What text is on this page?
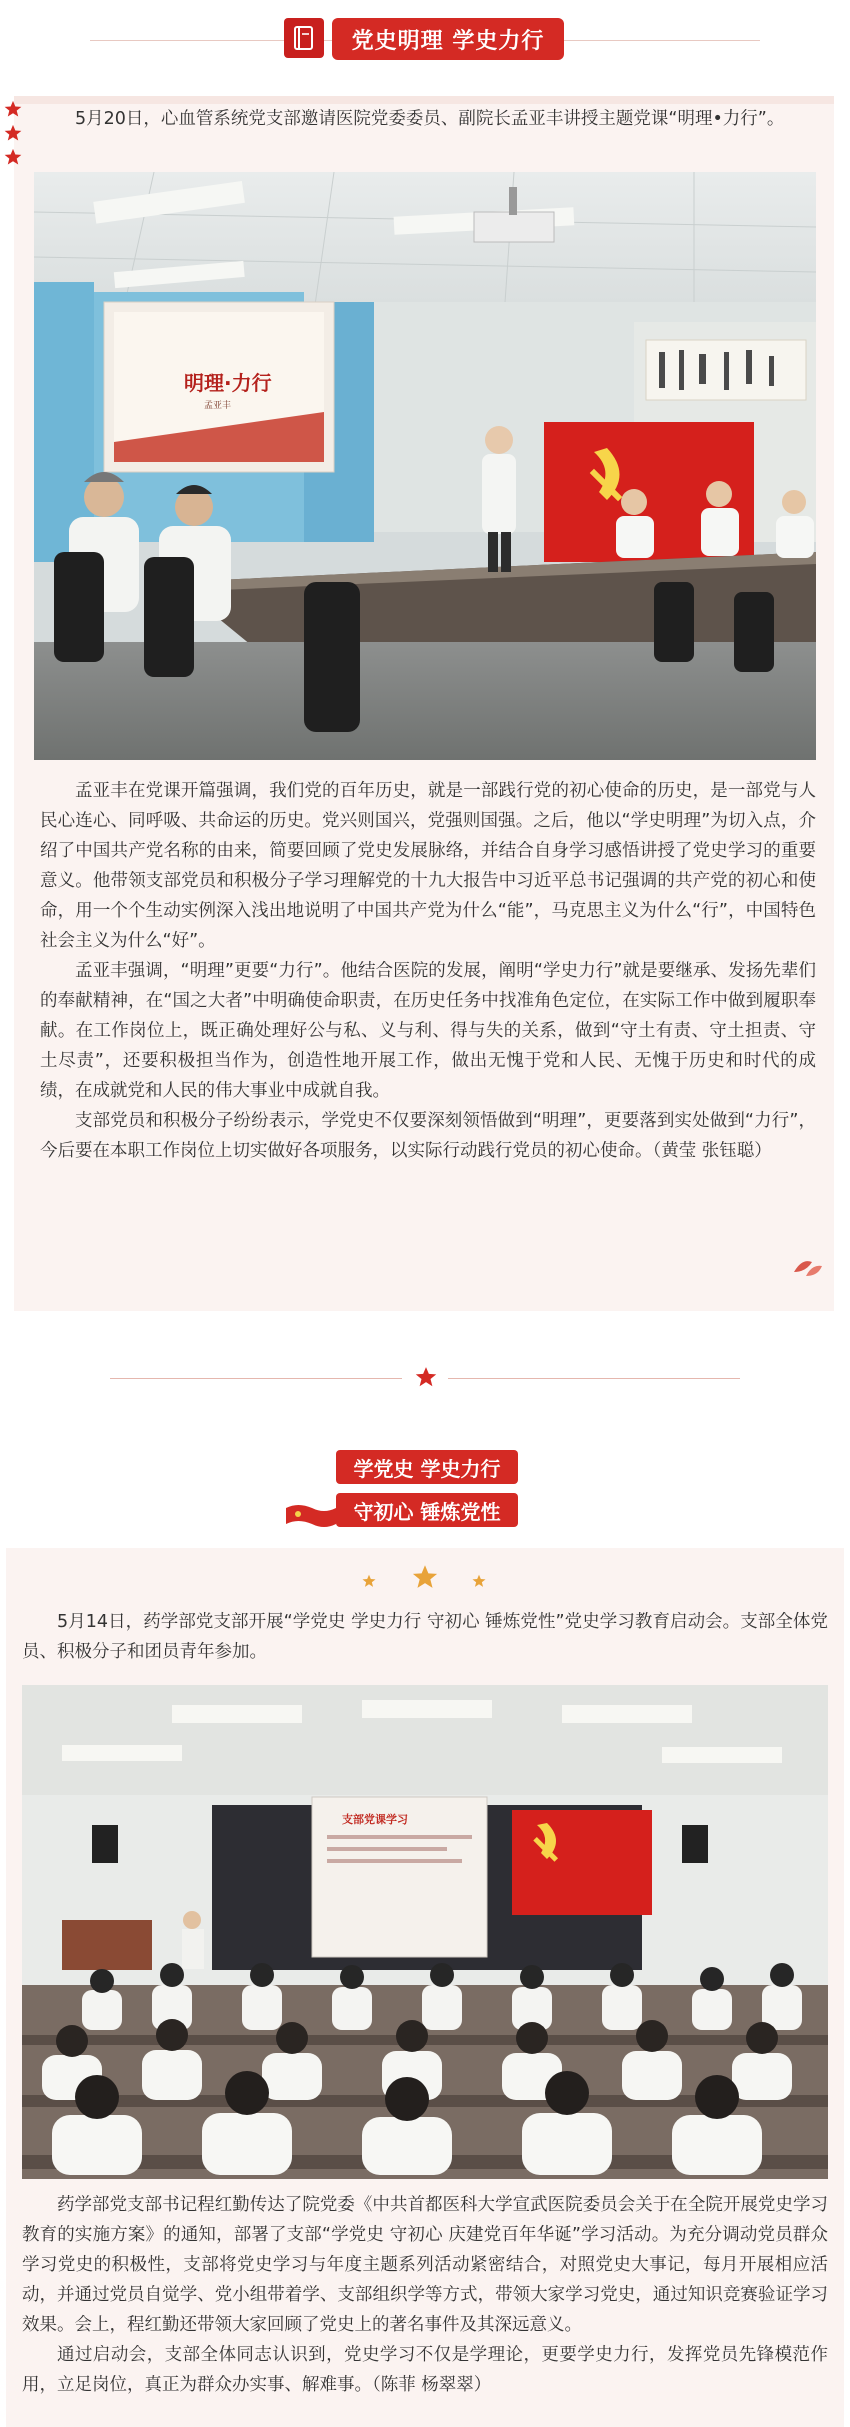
党史明理 学史力行
5月20日，心血管系统党支部邀请医院党委委员、副院长孟亚丰讲授主题党课“明理•力行”。
明理·力行
孟亚丰
孟亚丰在党课开篇强调，我们党的百年历史，就是一部践行党的初心使命的历史，是一部党与人民心连心、同呼吸、共命运的历史。党兴则国兴，党强则国强。之后，他以“学史明理”为切入点，介绍了中国共产党名称的由来，简要回顾了党史发展脉络，并结合自身学习感悟讲授了党史学习的重要意义。他带领支部党员和积极分子学习理解党的十九大报告中习近平总书记强调的共产党的初心和使命，用一个个生动实例深入浅出地说明了中国共产党为什么“能”，马克思主义为什么“行”，中国特色社会主义为什么“好”。
孟亚丰强调，“明理”更要“力行”。他结合医院的发展，阐明“学史力行”就是要继承、发扬先辈们的奉献精神，在“国之大者”中明确使命职责，在历史任务中找准角色定位，在实际工作中做到履职奉献。在工作岗位上，既正确处理好公与私、义与利、得与失的关系，做到“守土有责、守土担责、守土尽责”，还要积极担当作为，创造性地开展工作，做出无愧于党和人民、无愧于历史和时代的成绩，在成就党和人民的伟大事业中成就自我。
支部党员和积极分子纷纷表示，学党史不仅要深刻领悟做到“明理”，更要落到实处做到“力行”，今后要在本职工作岗位上切实做好各项服务，以实际行动践行党员的初心使命。（黄莹 张钰聪）
学党史 学史力行
守初心 锤炼党性
5月14日，药学部党支部开展“学党史 学史力行 守初心 锤炼党性”党史学习教育启动会。支部全体党员、积极分子和团员青年参加。
支部党课学习
药学部党支部书记程红勤传达了院党委《中共首都医科大学宣武医院委员会关于在全院开展党史学习教育的实施方案》的通知，部署了支部“学党史 守初心 庆建党百年华诞”学习活动。为充分调动党员群众学习党史的积极性，支部将党史学习与年度主题系列活动紧密结合，对照党史大事记，每月开展相应活动，并通过党员自觉学、党小组带着学、支部组织学等方式，带领大家学习党史，通过知识竞赛验证学习效果。会上，程红勤还带领大家回顾了党史上的著名事件及其深远意义。
通过启动会，支部全体同志认识到，党史学习不仅是学理论，更要学史力行，发挥党员先锋模范作用，立足岗位，真正为群众办实事、解难事。（陈菲 杨翠翠）
